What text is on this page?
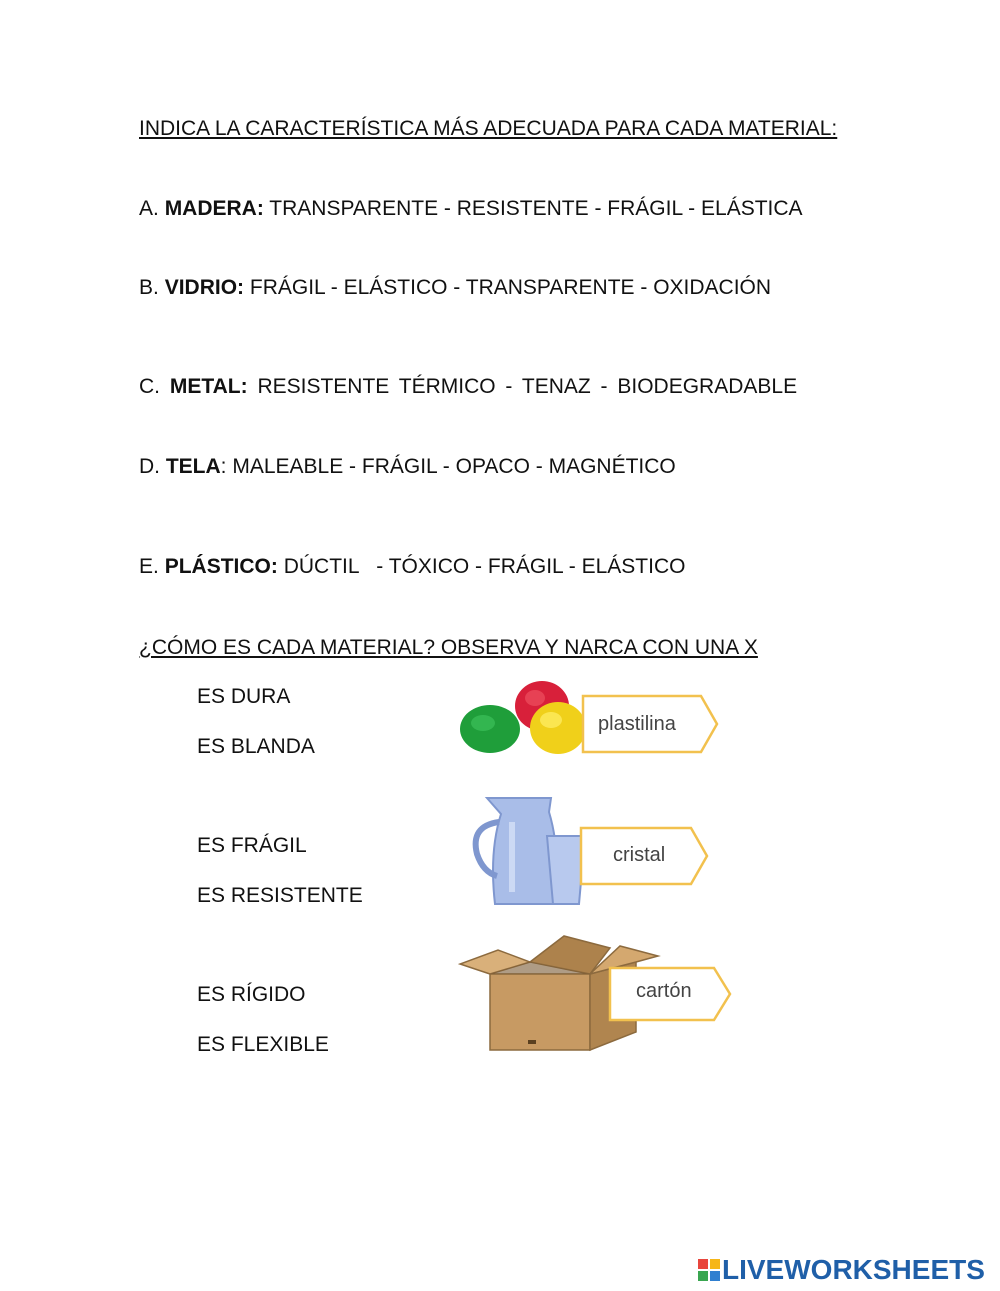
INDICA LA CARACTERÍSTICA MÁS ADECUADA PARA CADA MATERIAL:
A. MADERA: TRANSPARENTE - RESISTENTE - FRÁGIL - ELÁSTICA
B. VIDRIO: FRÁGIL - ELÁSTICO - TRANSPARENTE - OXIDACIÓN
C. METAL: RESISTENTE TÉRMICO - TENAZ - BIODEGRADABLE
D. TELA: MALEABLE - FRÁGIL - OPACO - MAGNÉTICO
E. PLÁSTICO: DÚCTIL   - TÓXICO - FRÁGIL - ELÁSTICO
¿CÓMO ES CADA MATERIAL? OBSERVA Y NARCA CON UNA X
ES DURA
ES BLANDA
plastilina
ES FRÁGIL
ES RESISTENTE
cristal
ES RÍGIDO
ES FLEXIBLE
cartón
LIVEWORKSHEETS
